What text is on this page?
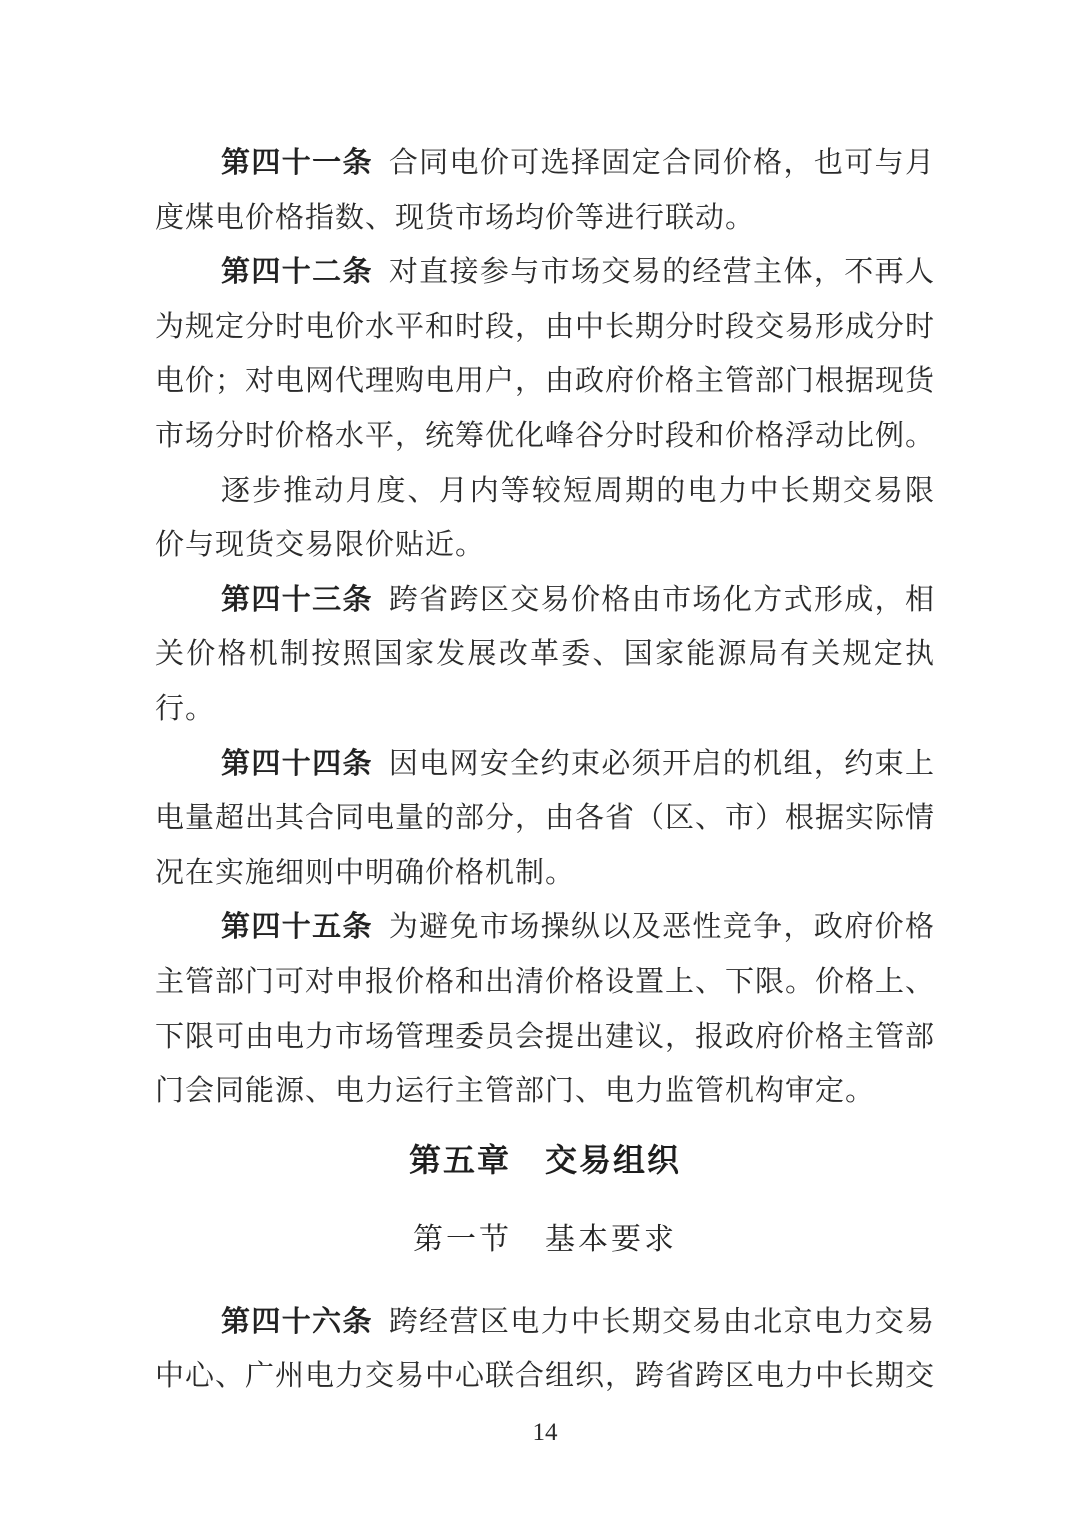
第四十一条 合同电价可选择固定合同价格，也可与月度煤电价格指数、现货市场均价等进行联动。

第四十二条 对直接参与市场交易的经营主体，不再人为规定分时电价水平和时段，由中长期分时段交易形成分时电价；对电网代理购电用户，由政府价格主管部门根据现货市场分时价格水平，统筹优化峰谷分时段和价格浮动比例。

逐步推动月度、月内等较短周期的电力中长期交易限价与现货交易限价贴近。

第四十三条 跨省跨区交易价格由市场化方式形成，相关价格机制按照国家发展改革委、国家能源局有关规定执行。

第四十四条 因电网安全约束必须开启的机组，约束上电量超出其合同电量的部分，由各省（区、市）根据实际情况在实施细则中明确价格机制。

第四十五条 为避免市场操纵以及恶性竞争，政府价格主管部门可对申报价格和出清价格设置上、下限。价格上、下限可由电力市场管理委员会提出建议，报政府价格主管部门会同能源、电力运行主管部门、电力监管机构审定。

第五章　交易组织
第一节　基本要求

第四十六条 跨经营区电力中长期交易由北京电力交易中心、广州电力交易中心联合组织，跨省跨区电力中长期交

14
